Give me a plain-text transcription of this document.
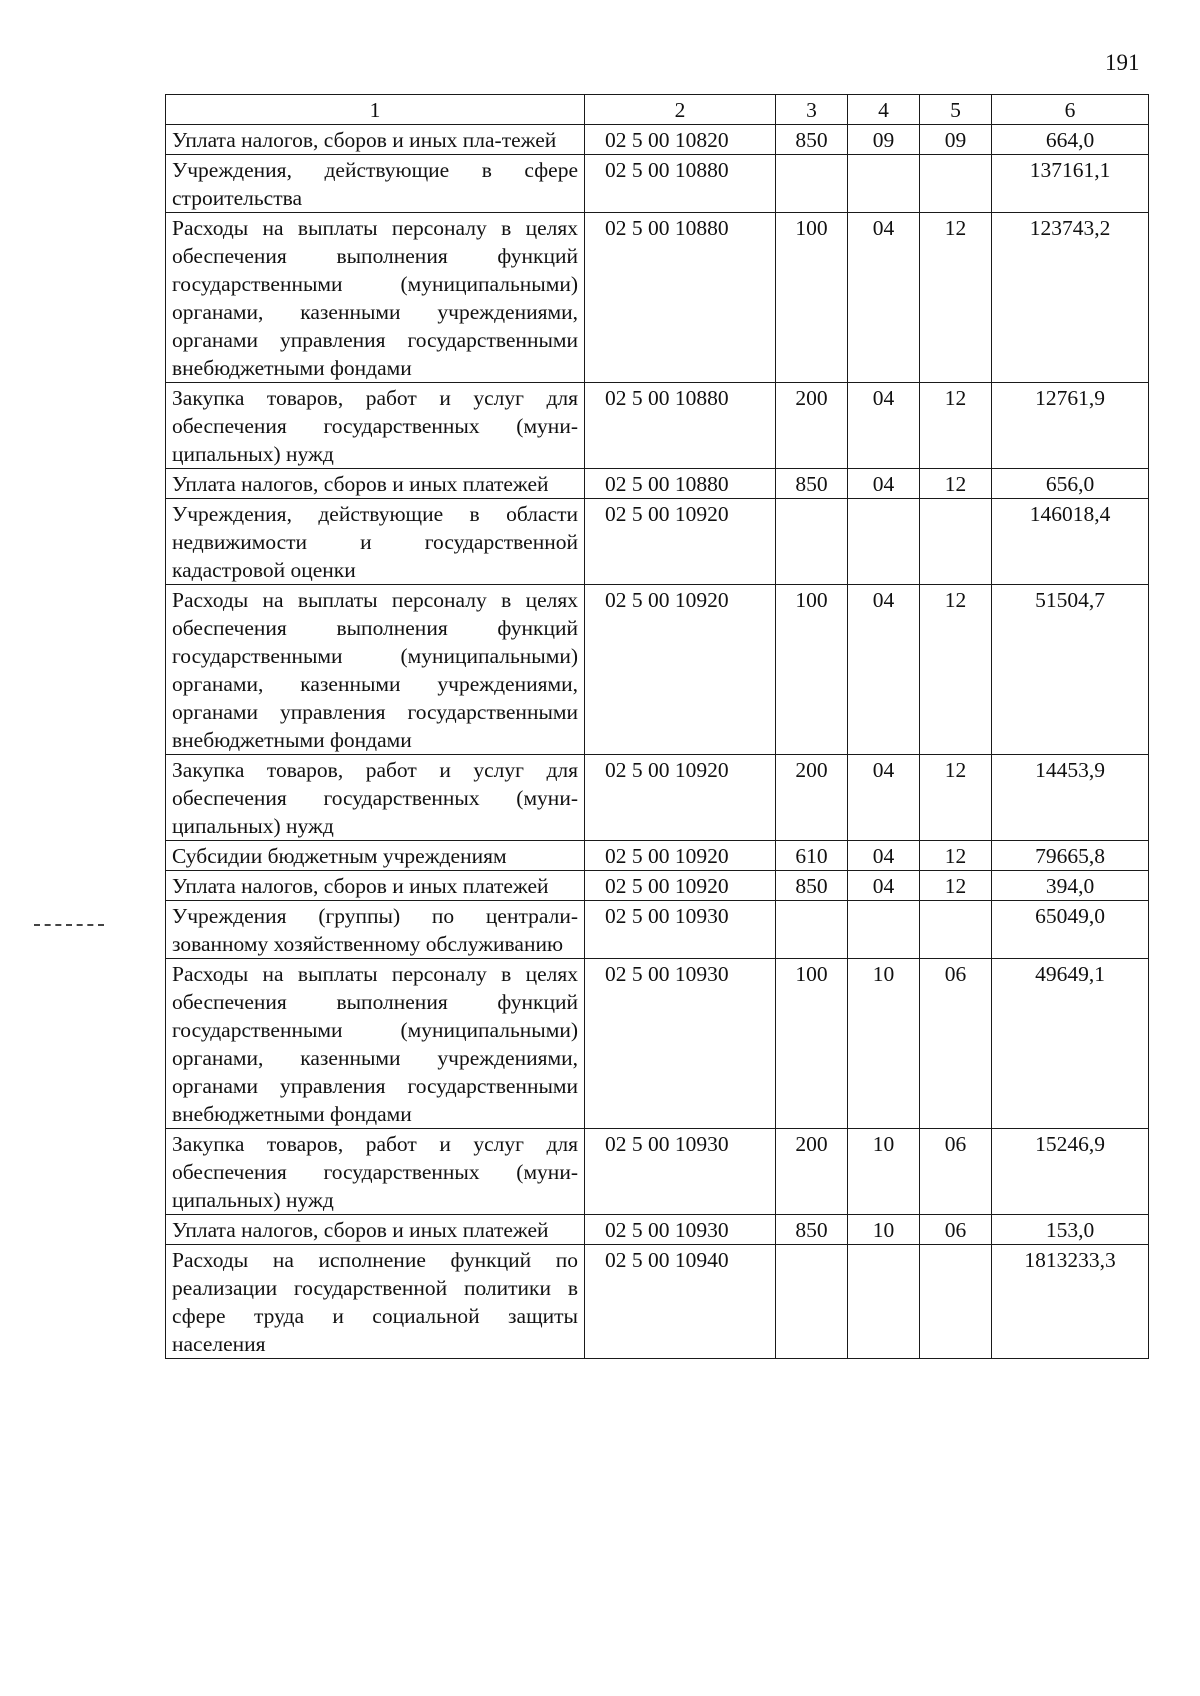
191
1	2	3	4	5	6
Уплата налогов, сборов и иных пла-тежей	02 5 00 10820	850	09	09	664,0
Учреждения, действующие в сфере строительства	02 5 00 10880				137161,1
Расходы на выплаты персоналу в целях обеспечения выполнения функций государственными (муниципальными) органами, казенными учреждениями, органами управления государственными внебюджетными фондами	02 5 00 10880	100	04	12	123743,2
Закупка товаров, работ и услуг для обеспечения государственных (муниципальных) нужд	02 5 00 10880	200	04	12	12761,9
Уплата налогов, сборов и иных платежей	02 5 00 10880	850	04	12	656,0
Учреждения, действующие в области недвижимости и государственной кадастровой оценки	02 5 00 10920				146018,4
Расходы на выплаты персоналу в целях обеспечения выполнения функций государственными (муниципальными) органами, казенными учреждениями, органами управления государственными внебюджетными фондами	02 5 00 10920	100	04	12	51504,7
Закупка товаров, работ и услуг для обеспечения государственных (муниципальных) нужд	02 5 00 10920	200	04	12	14453,9
Субсидии бюджетным учреждениям	02 5 00 10920	610	04	12	79665,8
Уплата налогов, сборов и иных платежей	02 5 00 10920	850	04	12	394,0
Учреждения (группы) по централизованному хозяйственному обслуживанию	02 5 00 10930				65049,0
Расходы на выплаты персоналу в целях обеспечения выполнения функций государственными (муниципальными) органами, казенными учреждениями, органами управления государственными внебюджетными фондами	02 5 00 10930	100	10	06	49649,1
Закупка товаров, работ и услуг для обеспечения государственных (муниципальных) нужд	02 5 00 10930	200	10	06	15246,9
Уплата налогов, сборов и иных платежей	02 5 00 10930	850	10	06	153,0
Расходы на исполнение функций по реализации государственной политики в сфере труда и социальной защиты населения	02 5 00 10940				1813233,3
